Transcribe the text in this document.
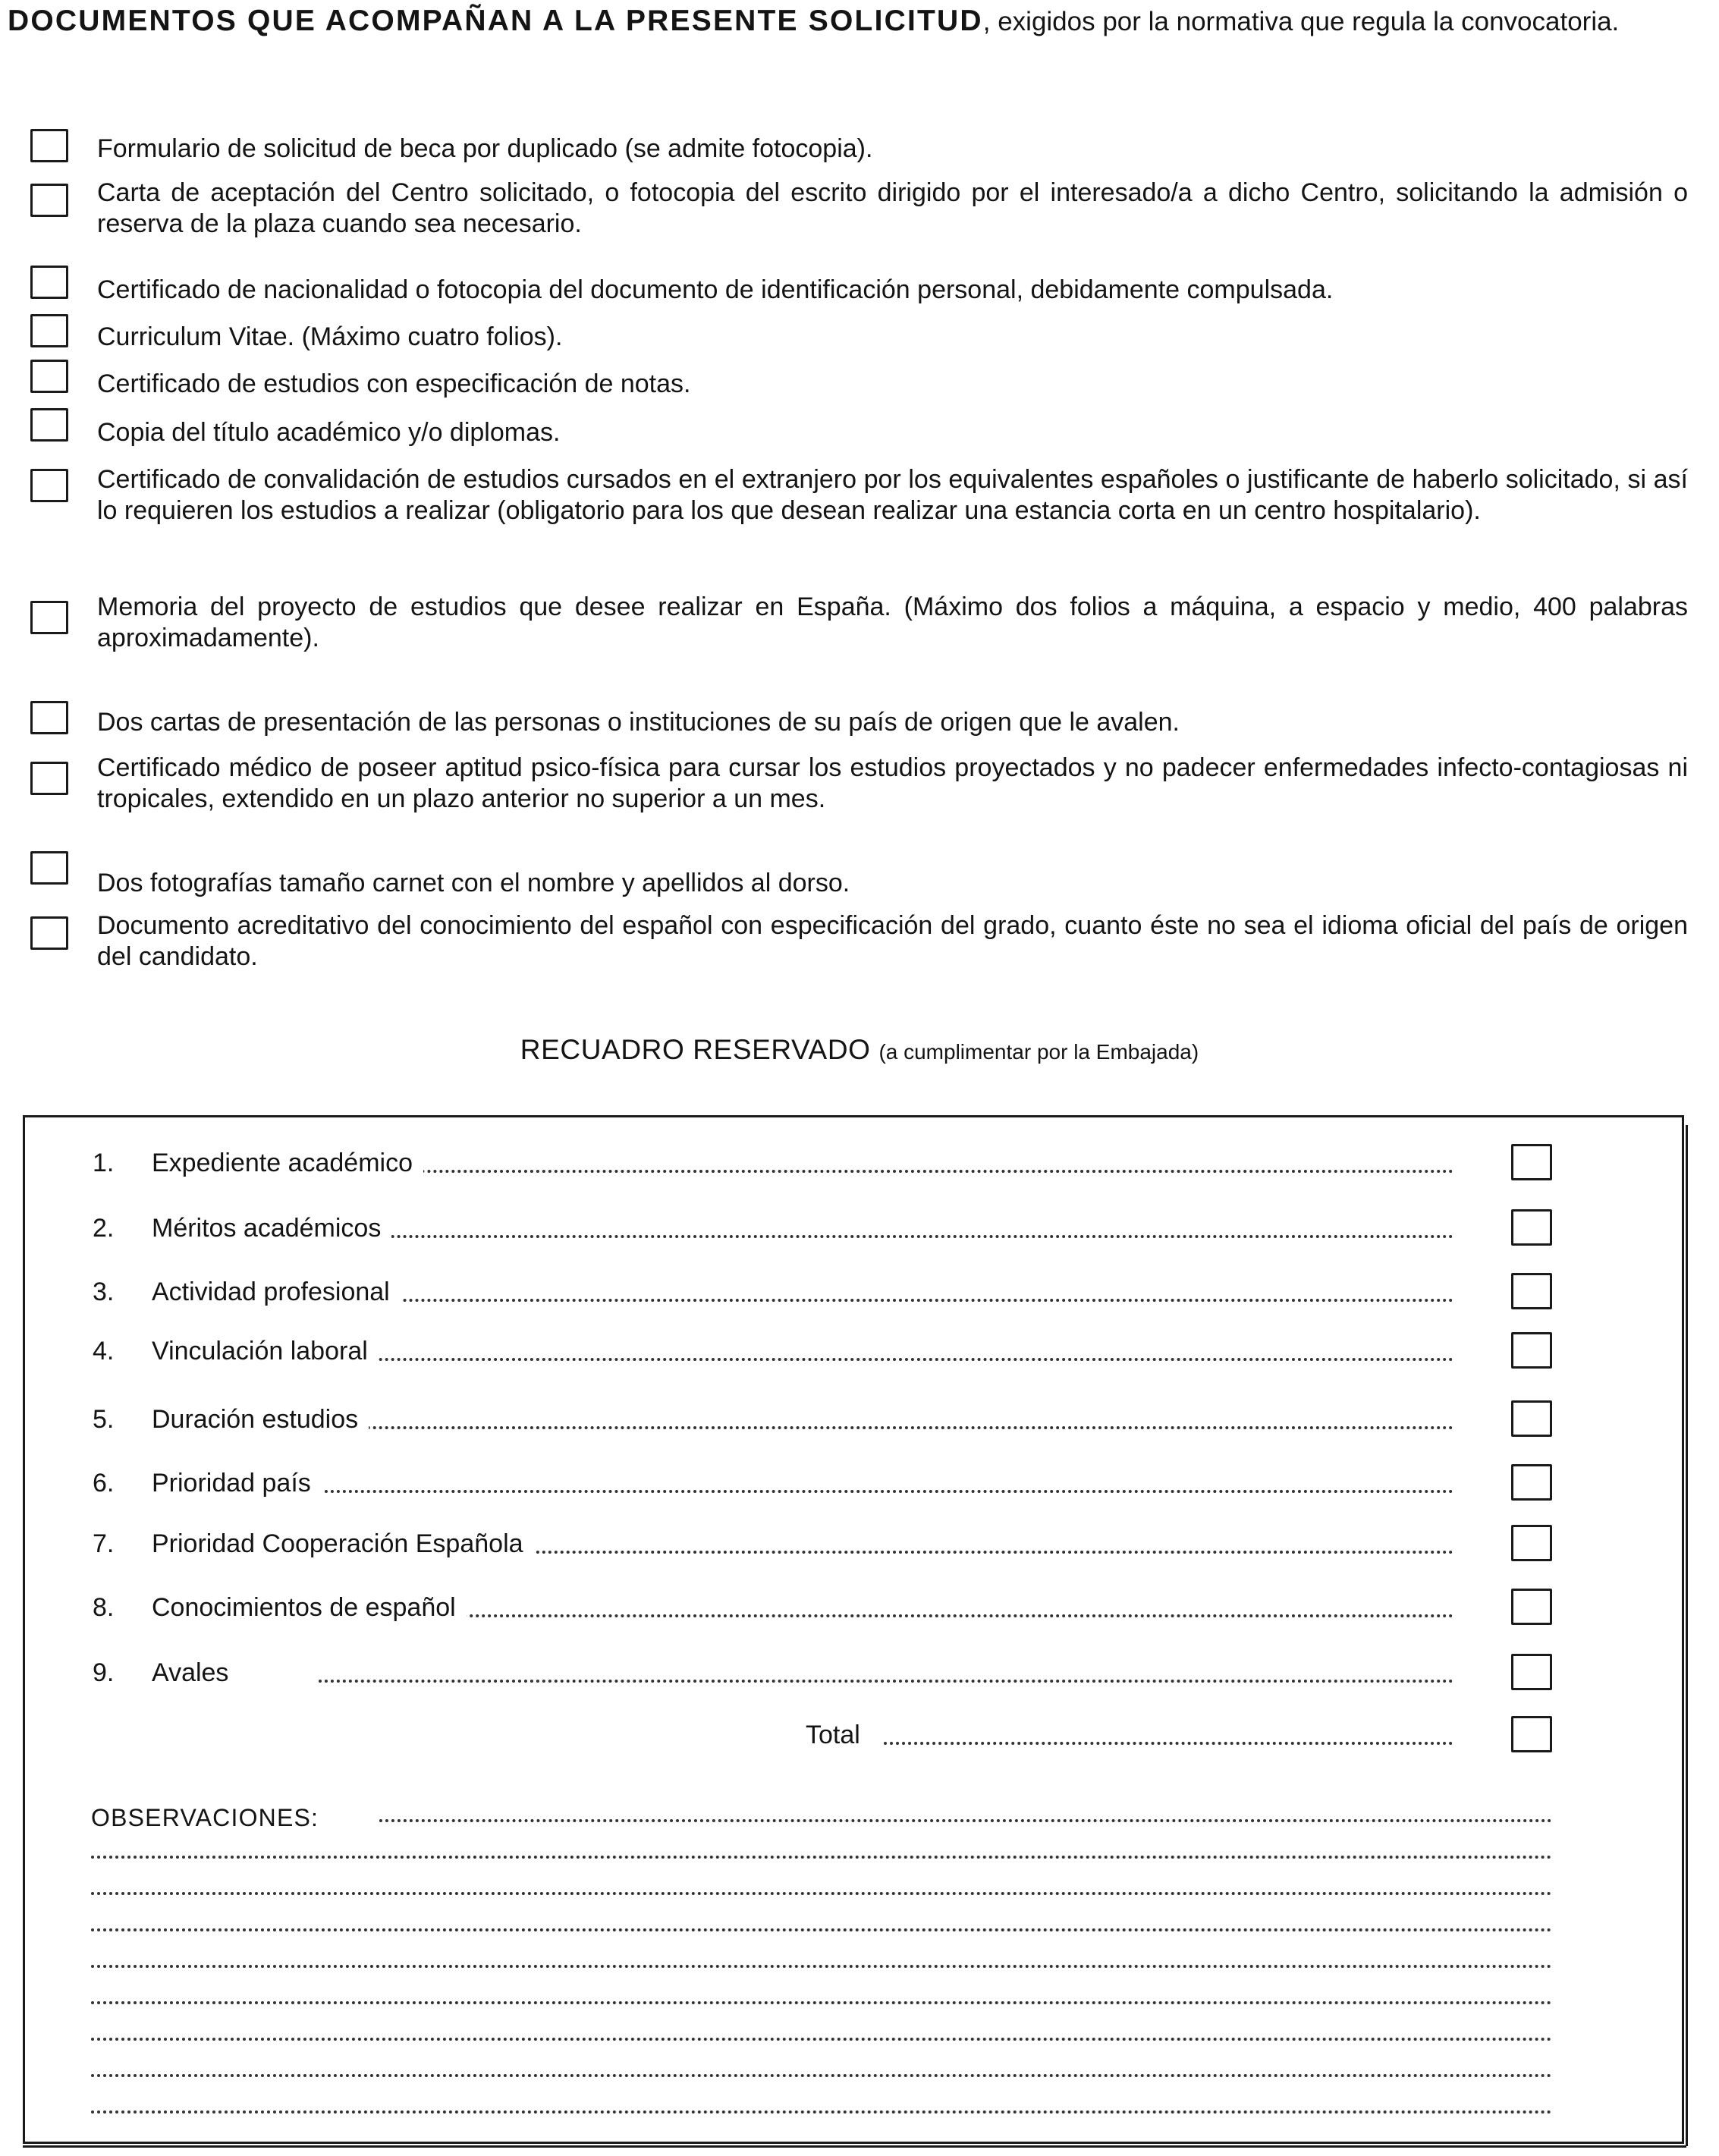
DOCUMENTOS QUE ACOMPAÑAN A LA PRESENTE SOLICITUD, exigidos por la normativa que regula la convocatoria.
Formulario de solicitud de beca por duplicado (se admite fotocopia).
Carta de aceptación del Centro solicitado, o fotocopia del escrito dirigido por el interesado/a a dicho Centro, solicitando la admisión o reserva de la plaza cuando sea necesario.
Certificado de nacionalidad o fotocopia del documento de identificación personal, debidamente compulsada.
Curriculum Vitae. (Máximo cuatro folios).
Certificado de estudios con especificación de notas.
Copia del título académico y/o diplomas.
Certificado de convalidación de estudios cursados en el extranjero por los equivalentes españoles o justificante de haberlo solicitado, si así lo requieren los estudios a realizar (obligatorio para los que desean realizar una estancia corta en un centro hospitalario).
Memoria del proyecto de estudios que desee realizar en España. (Máximo dos folios a máquina, a espacio y medio, 400 palabras aproximadamente).
Dos cartas de presentación de las personas o instituciones de su país de origen que le avalen.
Certificado médico de poseer aptitud psico-física para cursar los estudios proyectados y no padecer enfermedades infecto-contagiosas ni tropicales, extendido en un plazo anterior no superior a un mes.
Dos fotografías tamaño carnet con el nombre y apellidos al dorso.
Documento acreditativo del conocimiento del español con especificación del grado, cuanto éste no sea el idioma oficial del país de origen del candidato.
RECUADRO RESERVADO (a cumplimentar por la Embajada)
1. Expediente académico
2. Méritos académicos
3. Actividad profesional
4. Vinculación laboral
5. Duración estudios
6. Prioridad país
7. Prioridad Cooperación Española
8. Conocimientos de español
9. Avales
Total
OBSERVACIONES:
